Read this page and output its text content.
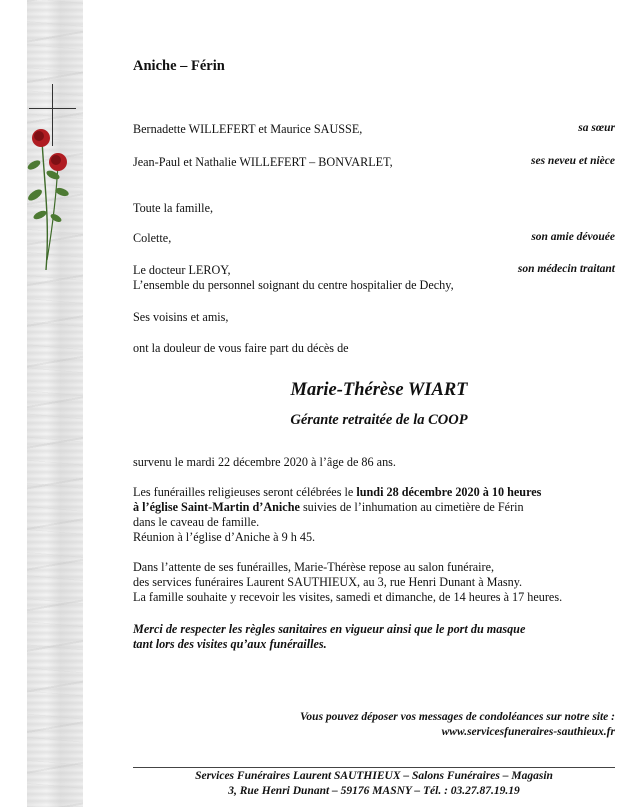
Aniche – Férin
Bernadette WILLEFERT et Maurice SAUSSE,	sa sœur
Jean-Paul et Nathalie WILLEFERT – BONVARLET,	ses neveu et nièce
Toute la famille,
Colette,	son amie dévouée
Le docteur LEROY,	son médecin traitant
L’ensemble du personnel soignant du centre hospitalier de Dechy,
Ses voisins et amis,
ont la douleur de vous faire part du décès de
Marie-Thérèse WIART
Gérante retraitée de la COOP
survenu le mardi 22 décembre 2020 à l’âge de 86 ans.
Les funérailles religieuses seront célébrées le lundi 28 décembre 2020 à 10 heures
à l’église Saint-Martin d’Aniche suivies de l’inhumation au cimetière de Férin
dans le caveau de famille.
Réunion à l’église d’Aniche à 9 h 45.
Dans l’attente de ses funérailles, Marie-Thérèse repose au salon funéraire,
des services funéraires Laurent SAUTHIEUX, au 3, rue Henri Dunant à Masny.
La famille souhaite y recevoir les visites, samedi et dimanche, de 14 heures à 17 heures.
Merci de respecter les règles sanitaires en vigueur ainsi que le port du masque
tant lors des visites qu’aux funérailles.
Vous pouvez déposer vos messages de condoléances sur notre site :
www.servicesfuneraires-sauthieux.fr
Services Funéraires Laurent SAUTHIEUX – Salons Funéraires – Magasin
3, Rue Henri Dunant – 59176 MASNY – Tél. : 03.27.87.19.19
